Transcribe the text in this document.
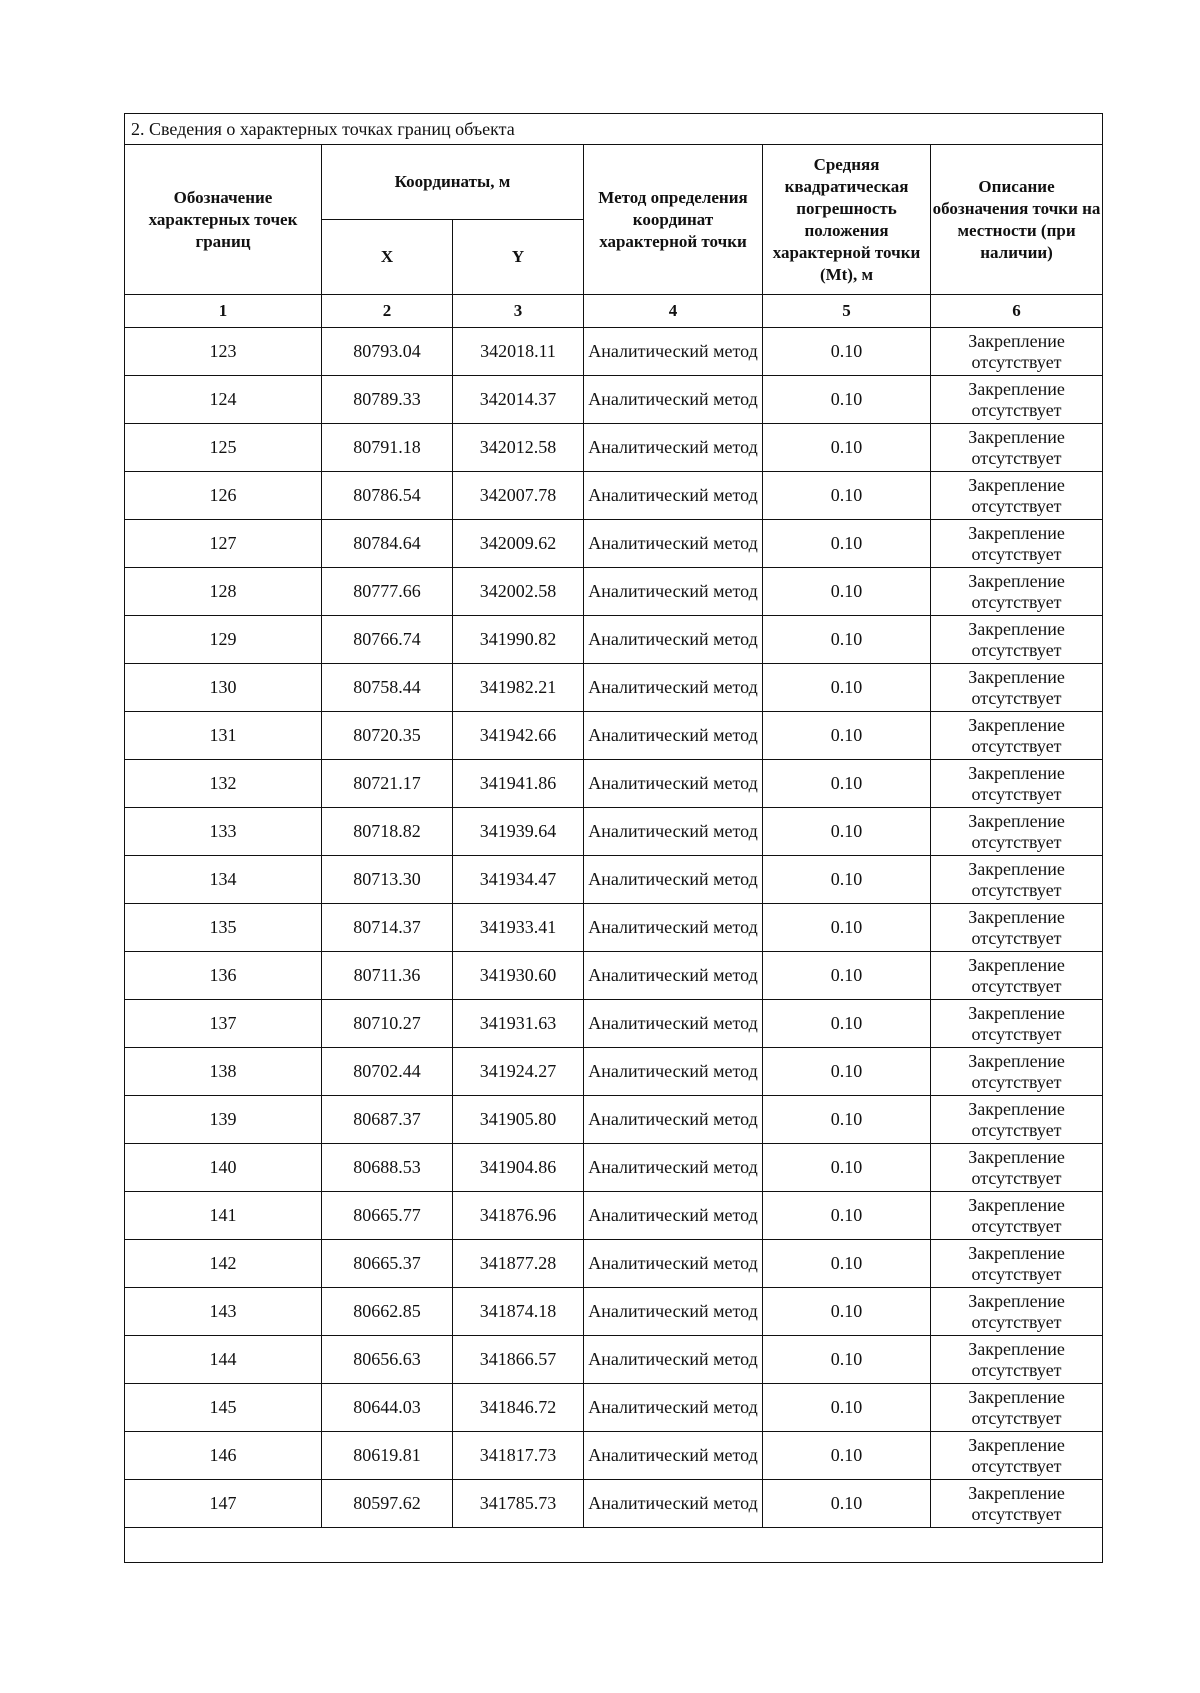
2. Сведения о характерных точках границ объекта					
Обозначение характерных точек границ	Координаты, м		Метод определения координат характерной точки	Средняя квадратическая погрешность положения характерной точки (Mt), м	Описание обозначения точки на местности (при наличии)
	X	Y			
1	2	3	4	5	6
123	80793.04	342018.11	Аналитический метод	0.10	Закрепление отсутствует
124	80789.33	342014.37	Аналитический метод	0.10	Закрепление отсутствует
125	80791.18	342012.58	Аналитический метод	0.10	Закрепление отсутствует
126	80786.54	342007.78	Аналитический метод	0.10	Закрепление отсутствует
127	80784.64	342009.62	Аналитический метод	0.10	Закрепление отсутствует
128	80777.66	342002.58	Аналитический метод	0.10	Закрепление отсутствует
129	80766.74	341990.82	Аналитический метод	0.10	Закрепление отсутствует
130	80758.44	341982.21	Аналитический метод	0.10	Закрепление отсутствует
131	80720.35	341942.66	Аналитический метод	0.10	Закрепление отсутствует
132	80721.17	341941.86	Аналитический метод	0.10	Закрепление отсутствует
133	80718.82	341939.64	Аналитический метод	0.10	Закрепление отсутствует
134	80713.30	341934.47	Аналитический метод	0.10	Закрепление отсутствует
135	80714.37	341933.41	Аналитический метод	0.10	Закрепление отсутствует
136	80711.36	341930.60	Аналитический метод	0.10	Закрепление отсутствует
137	80710.27	341931.63	Аналитический метод	0.10	Закрепление отсутствует
138	80702.44	341924.27	Аналитический метод	0.10	Закрепление отсутствует
139	80687.37	341905.80	Аналитический метод	0.10	Закрепление отсутствует
140	80688.53	341904.86	Аналитический метод	0.10	Закрепление отсутствует
141	80665.77	341876.96	Аналитический метод	0.10	Закрепление отсутствует
142	80665.37	341877.28	Аналитический метод	0.10	Закрепление отсутствует
143	80662.85	341874.18	Аналитический метод	0.10	Закрепление отсутствует
144	80656.63	341866.57	Аналитический метод	0.10	Закрепление отсутствует
145	80644.03	341846.72	Аналитический метод	0.10	Закрепление отсутствует
146	80619.81	341817.73	Аналитический метод	0.10	Закрепление отсутствует
147	80597.62	341785.73	Аналитический метод	0.10	Закрепление отсутствует
